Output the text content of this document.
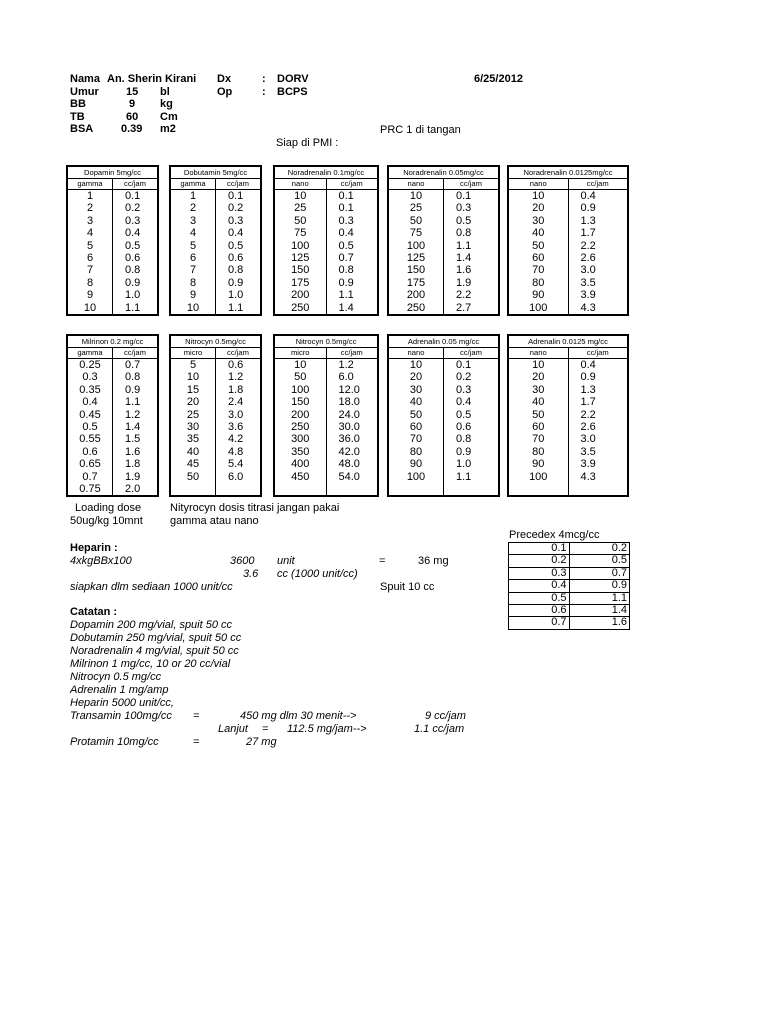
Nama An. Sherin Kirani Dx	: DORV	6/25/2012
Umur 15 bl	Op	: BCPS
BB	9 kg
TB	60 Cm
BSA	0.39 m2	PRC 1 di tangan
Siap di PMI :
Dopamin 5mg/cc	
gamma	cc/jam
1	0.1
2	0.2
3	0.3
4	0.4
5	0.5
6	0.6
7	0.8
8	0.9
9	1.0
10	1.1
Dobutamin 5mg/cc	
gamma	cc/jam
1	0.1
2	0.2
3	0.3
4	0.4
5	0.5
6	0.6
7	0.8
8	0.9
9	1.0
10	1.1
Noradrenalin 0.1mg/cc	
nano	cc/jam
10	0.1
25	0.1
50	0.3
75	0.4
100	0.5
125	0.7
150	0.8
175	0.9
200	1.1
250	1.4
Noradrenalin 0.05mg/cc	
nano	cc/jam
10	0.1
25	0.3
50	0.5
75	0.8
100	1.1
125	1.4
150	1.6
175	1.9
200	2.2
250	2.7
Noradrenalin 0.0125mg/cc	
nano	cc/jam
10	0.4
20	0.9
30	1.3
40	1.7
50	2.2
60	2.6
70	3.0
80	3.5
90	3.9
100	4.3
Milrinon 0.2 mg/cc	
gamma	cc/jam
0.25	0.7
0.3	0.8
0.35	0.9
0.4	1.1
0.45	1.2
0.5	1.4
0.55	1.5
0.6	1.6
0.65	1.8
0.7	1.9
0.75	2.0
Nitrocyn 0.5mg/cc	
micro	cc/jam
5	0.6
10	1.2
15	1.8
20	2.4
25	3.0
30	3.6
35	4.2
40	4.8
45	5.4
50	6.0

Nitrocyn 0.5mg/cc	
micro	cc/jam
10	1.2
50	6.0
100	12.0
150	18.0
200	24.0
250	30.0
300	36.0
350	42.0
400	48.0
450	54.0

Adrenalin 0.05 mg/cc	
nano	cc/jam
10	0.1
20	0.2
30	0.3
40	0.4
50	0.5
60	0.6
70	0.8
80	0.9
90	1.0
100	1.1

Adrenalin 0.0125 mg/cc	
nano	cc/jam
10	0.4
20	0.9
30	1.3
40	1.7
50	2.2
60	2.6
70	3.0
80	3.5
90	3.9
100	4.3

Loading dose
50ug/kg 10mnt
Nityrocyn dosis titrasi jangan pakai
gamma atau nano
Precedex 4mcg/cc
0.1	0.2
0.2	0.5
0.3	0.7
0.4	0.9
0.5	1.1
0.6	1.4
0.7	1.6
Heparin :
4xkgBBx100	3600 unit	=	36 mg
3.6 cc (1000 unit/cc)
siapkan dlm sediaan 1000 unit/cc	Spuit 10 cc
Catatan :
Dopamin 200 mg/vial, spuit 50 cc
Dobutamin 250 mg/vial, spuit 50 cc
Noradrenalin 4 mg/vial, spuit 50 cc
Milrinon 1 mg/cc, 10 or 20 cc/vial
Nitrocyn 0.5 mg/cc
Adrenalin 1 mg/amp
Heparin 5000 unit/cc,
Transamin 100mg/cc =	450 mg dlm 30 menit-->	9 cc/jam
Lanjut = 112.5 mg/jam-->	1.1 cc/jam
Protamin 10mg/cc	=	27 mg
